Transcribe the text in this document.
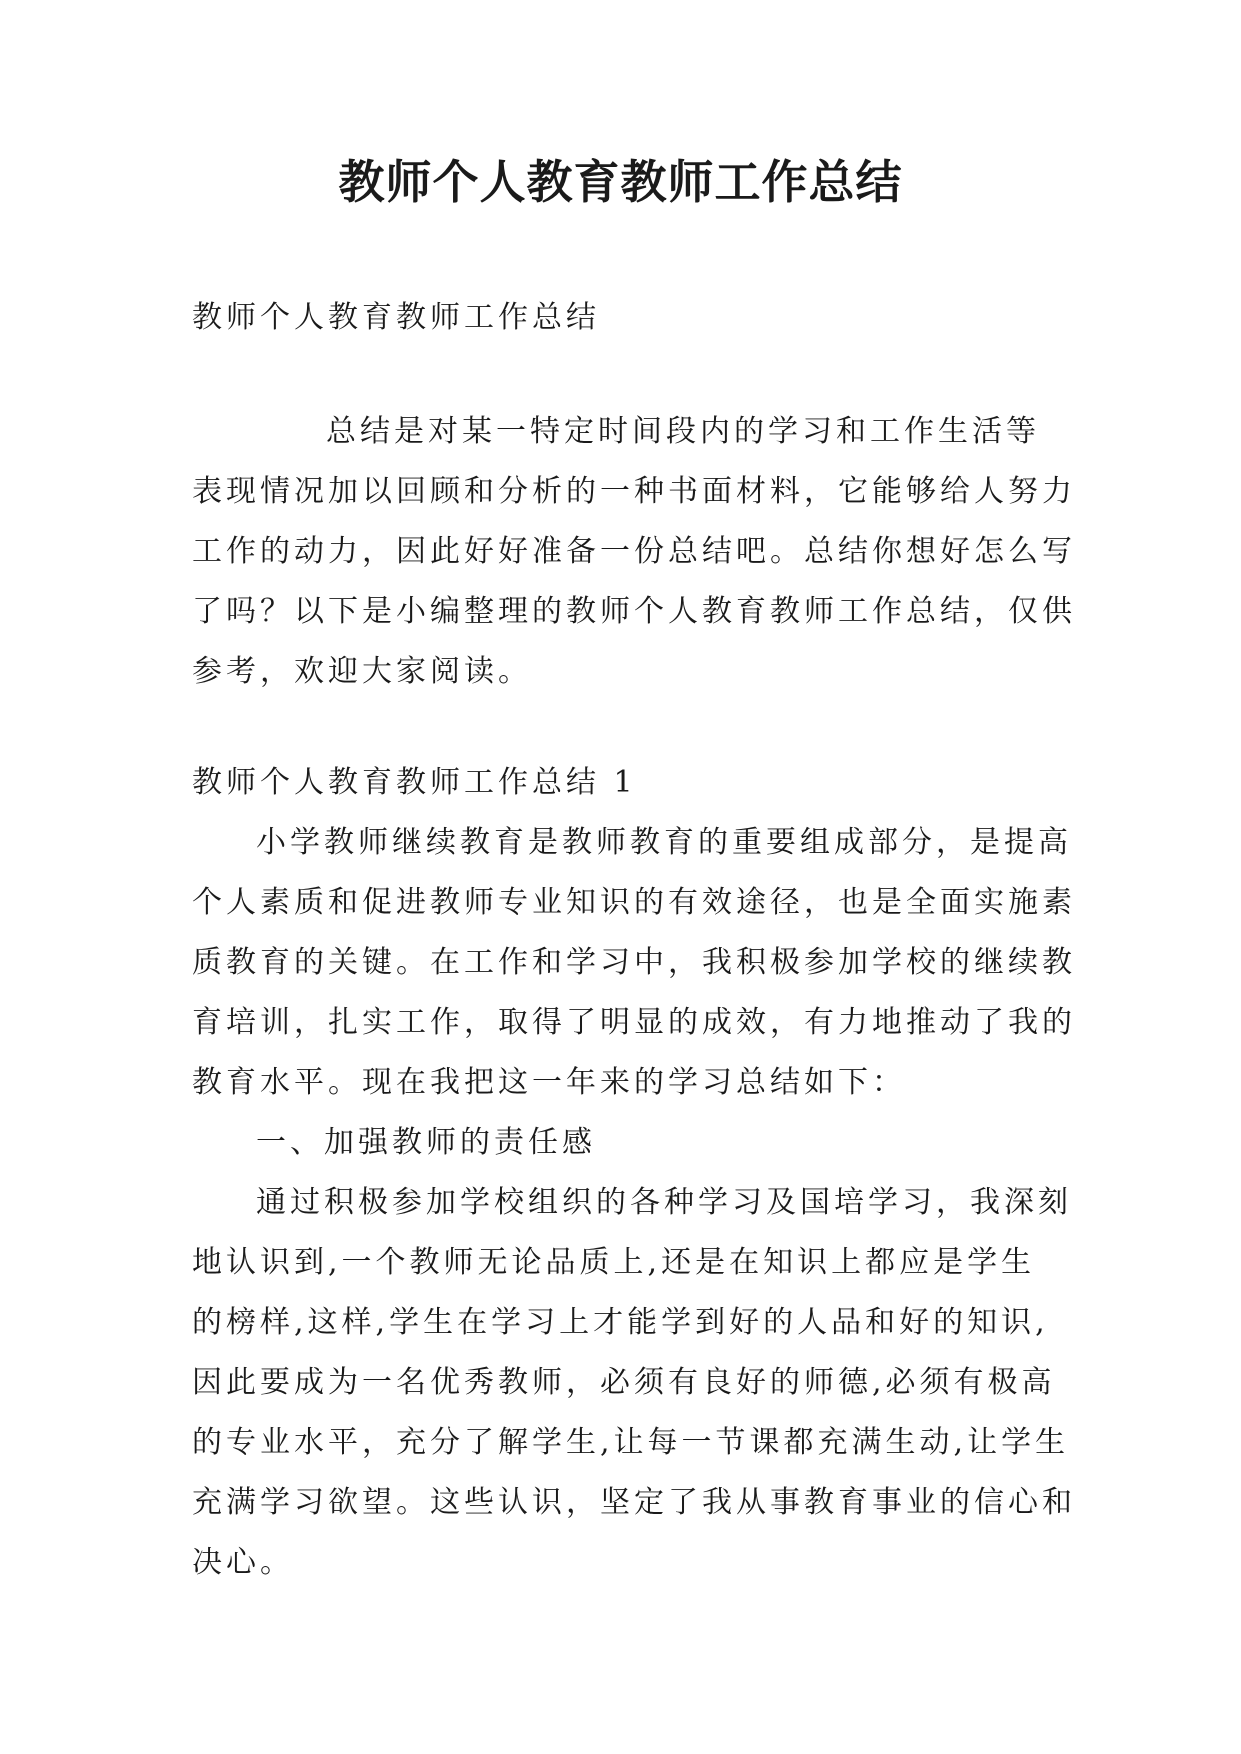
教师个人教育教师工作总结
教师个人教育教师工作总结
总结是对某一特定时间段内的学习和工作生活等
表现情况加以回顾和分析的一种书面材料，它能够给人努力
工作的动力，因此好好准备一份总结吧。总结你想好怎么写
了吗？以下是小编整理的教师个人教育教师工作总结，仅供
参考，欢迎大家阅读。
教师个人教育教师工作总结 1
小学教师继续教育是教师教育的重要组成部分，是提高
个人素质和促进教师专业知识的有效途径，也是全面实施素
质教育的关键。在工作和学习中，我积极参加学校的继续教
育培训，扎实工作，取得了明显的成效，有力地推动了我的
教育水平。现在我把这一年来的学习总结如下：
一、加强教师的责任感
通过积极参加学校组织的各种学习及国培学习，我深刻
地认识到,一个教师无论品质上,还是在知识上都应是学生
的榜样,这样,学生在学习上才能学到好的人品和好的知识,
因此要成为一名优秀教师，必须有良好的师德,必须有极高
的专业水平，充分了解学生,让每一节课都充满生动,让学生
充满学习欲望。这些认识，坚定了我从事教育事业的信心和
决心。
